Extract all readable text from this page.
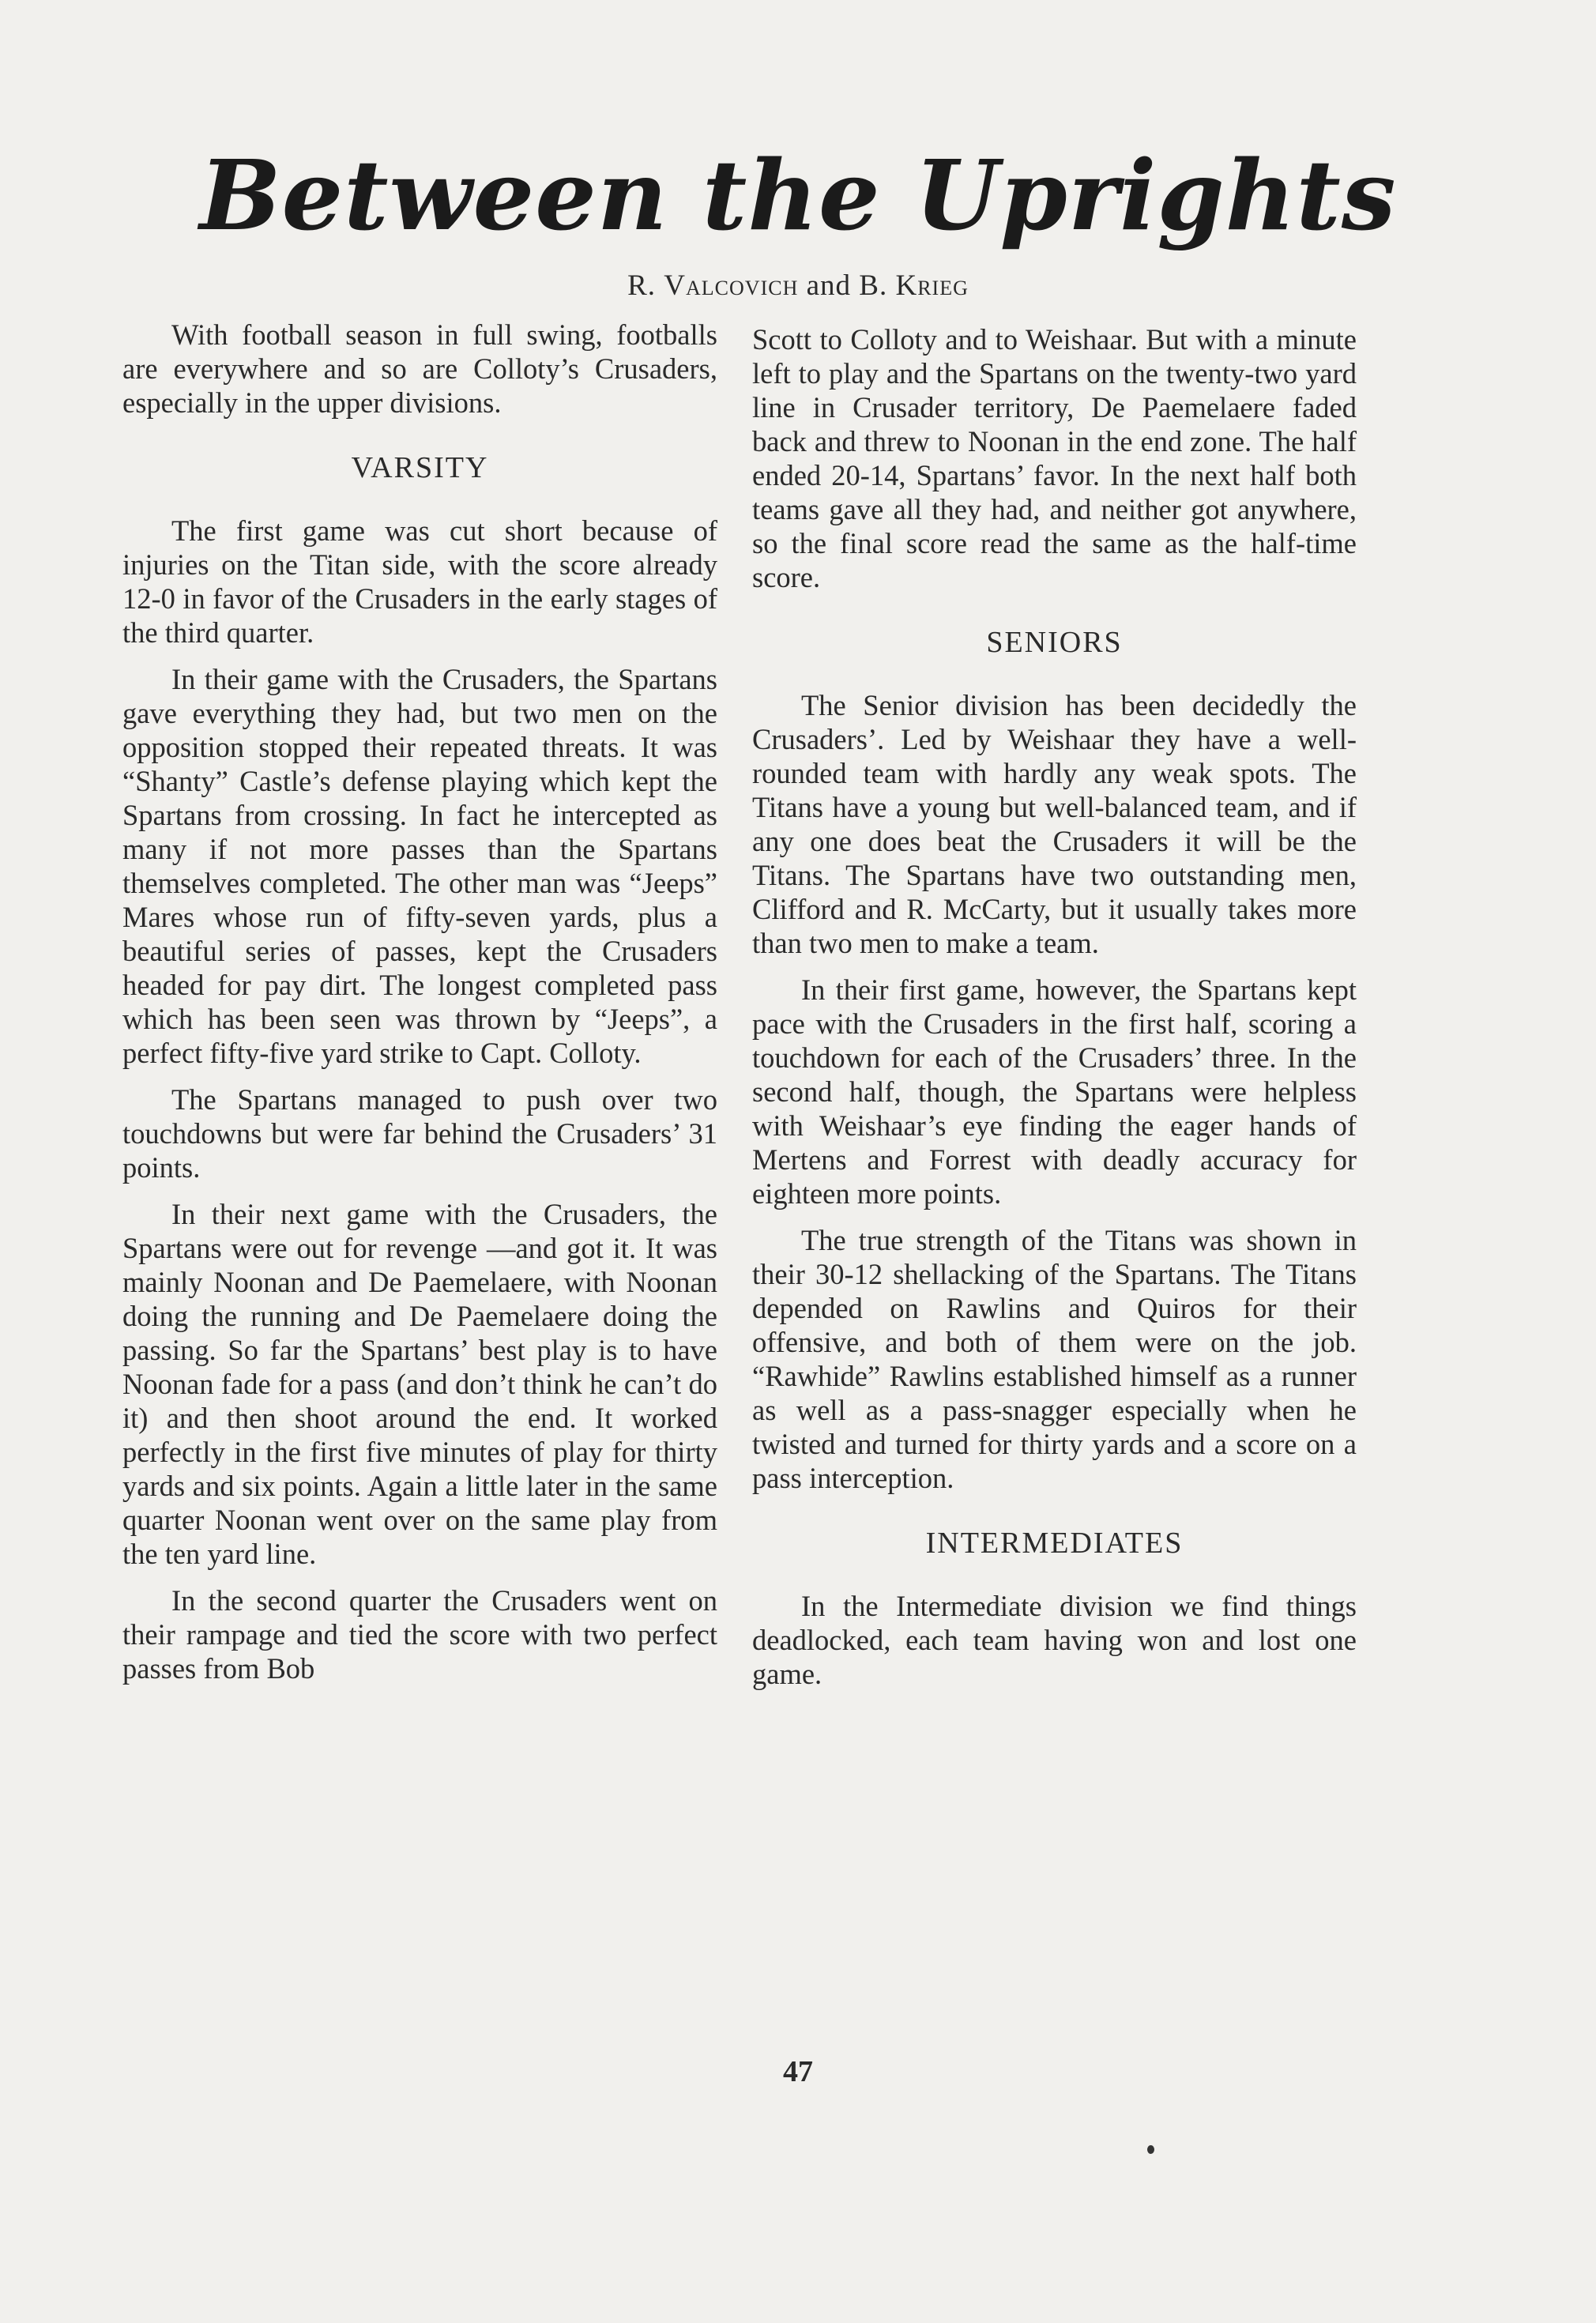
Between the Uprights
R. Valcovich and B. Krieg

With football season in full swing, footballs are everywhere and so are Colloty’s Crusaders, especially in the upper divisions.

VARSITY

The first game was cut short because of injuries on the Titan side, with the score already 12-0 in favor of the Crusaders in the early stages of the third quarter.

In their game with the Crusaders, the Spartans gave everything they had, but two men on the opposition stopped their repeated threats. It was “Shanty” Castle’s defense playing which kept the Spartans from crossing. In fact he intercepted as many if not more passes than the Spartans themselves completed. The other man was “Jeeps” Mares whose run of fifty-seven yards, plus a beautiful series of passes, kept the Crusaders headed for pay dirt. The longest completed pass which has been seen was thrown by “Jeeps”, a perfect fifty-five yard strike to Capt. Colloty.

The Spartans managed to push over two touchdowns but were far behind the Crusaders’ 31 points.

In their next game with the Crusaders, the Spartans were out for revenge —and got it. It was mainly Noonan and De Paemelaere, with Noonan doing the running and De Paemelaere doing the passing. So far the Spartans’ best play is to have Noonan fade for a pass (and don’t think he can’t do it) and then shoot around the end. It worked perfectly in the first five minutes of play for thirty yards and six points. Again a little later in the same quarter Noonan went over on the same play from the ten yard line.

In the second quarter the Crusaders went on their rampage and tied the score with two perfect passes from Bob

Scott to Colloty and to Weishaar. But with a minute left to play and the Spartans on the twenty-two yard line in Crusader territory, De Paemelaere faded back and threw to Noonan in the end zone. The half ended 20-14, Spartans’ favor. In the next half both teams gave all they had, and neither got anywhere, so the final score read the same as the half-time score.

SENIORS

The Senior division has been decidedly the Crusaders’. Led by Weishaar they have a well-rounded team with hardly any weak spots. The Titans have a young but well-balanced team, and if any one does beat the Crusaders it will be the Titans. The Spartans have two outstanding men, Clifford and R. McCarty, but it usually takes more than two men to make a team.

In their first game, however, the Spartans kept pace with the Crusaders in the first half, scoring a touchdown for each of the Crusaders’ three. In the second half, though, the Spartans were helpless with Weishaar’s eye finding the eager hands of Mertens and Forrest with deadly accuracy for eighteen more points.

The true strength of the Titans was shown in their 30-12 shellacking of the Spartans. The Titans depended on Rawlins and Quiros for their offensive, and both of them were on the job. “Rawhide” Rawlins established himself as a runner as well as a pass-snagger especially when he twisted and turned for thirty yards and a score on a pass interception.

INTERMEDIATES

In the Intermediate division we find things deadlocked, each team having won and lost one game.

47
